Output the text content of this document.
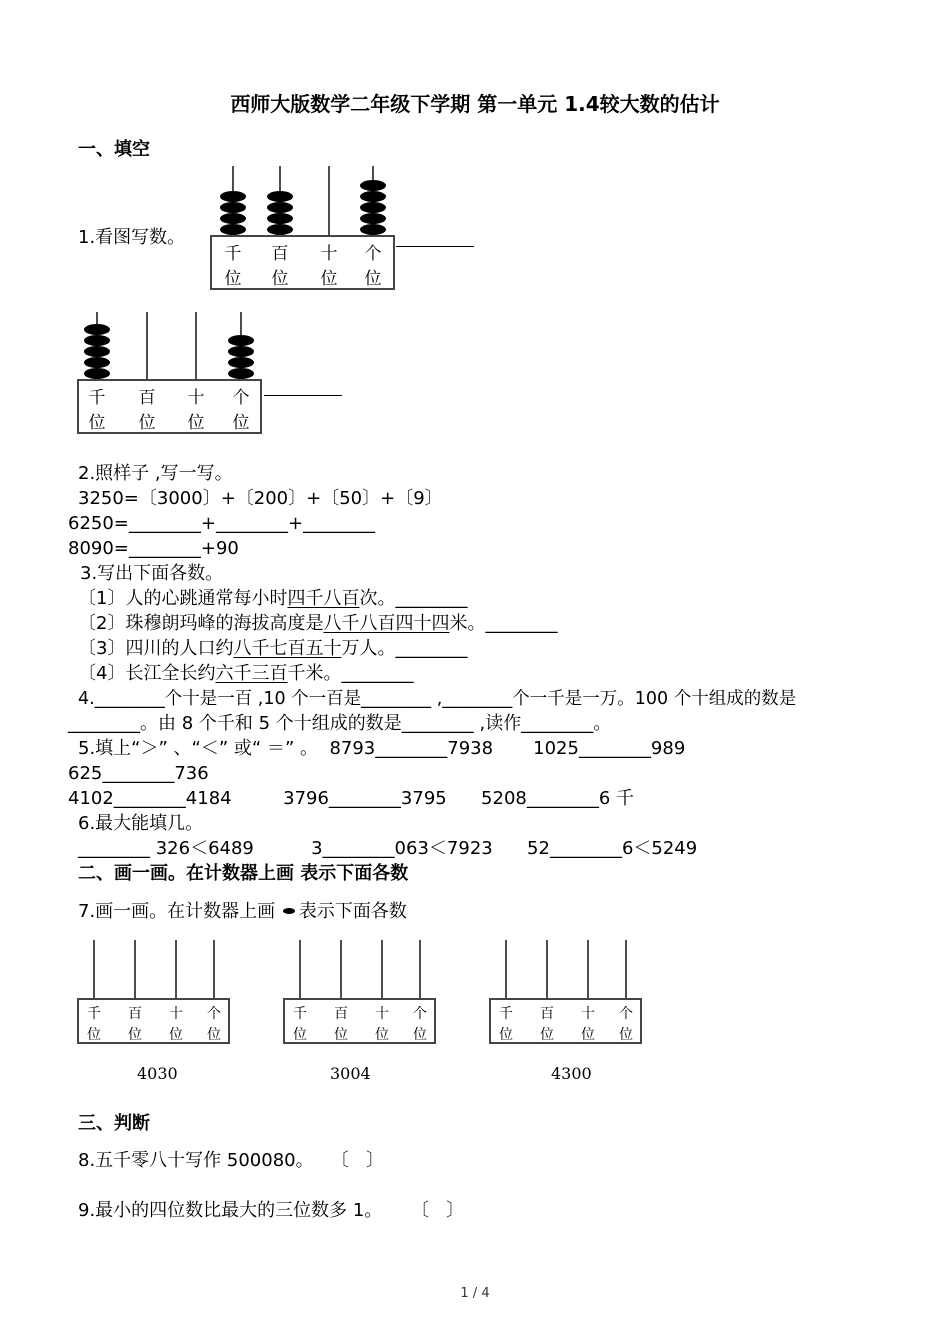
西师大版数学二年级下学期 第一单元 1.4较大数的估计
一、填空
1.看图写数。
千
位
百
位
十
位
个
位
千
位
百
位
十
位
个
位
2.照样子 ,写一写。
3250=〔3000〕+〔200〕+〔50〕+〔9〕
6250=________+________+________
8090=________+90
3.写出下面各数。
〔1〕人的心跳通常每小时四千八百次。________
〔2〕珠穆朗玛峰的海拔高度是八千八百四十四米。________
〔3〕四川的人口约八千七百五十万人。________
〔4〕长江全长约六千三百千米。________
4.________个十是一百 ,10 个一百是________ ,________个一千是一万。100 个十组成的数是
________。由 8 个千和 5 个十组成的数是________ ,读作________。
5.填上“＞” 、“＜” 或“ ＝” 。  8793________7938       1025________989
625________736
4102________4184         3796________3795      5208________6 千
6.最大能填几。
________ 326＜6489          3________063＜7923      52________6＜5249
二、画一画。在计数器上画 表示下面各数
7.画一画。在计数器上画 表示下面各数
千
位
百
位
十
位
个
位
千
位
百
位
十
位
个
位
千
位
百
位
十
位
个
位
4030	3004	4300
三、判断
8.五千零八十写作 500080。   〔   〕
9.最小的四位数比最大的三位数多 1。     〔   〕
1 / 4
